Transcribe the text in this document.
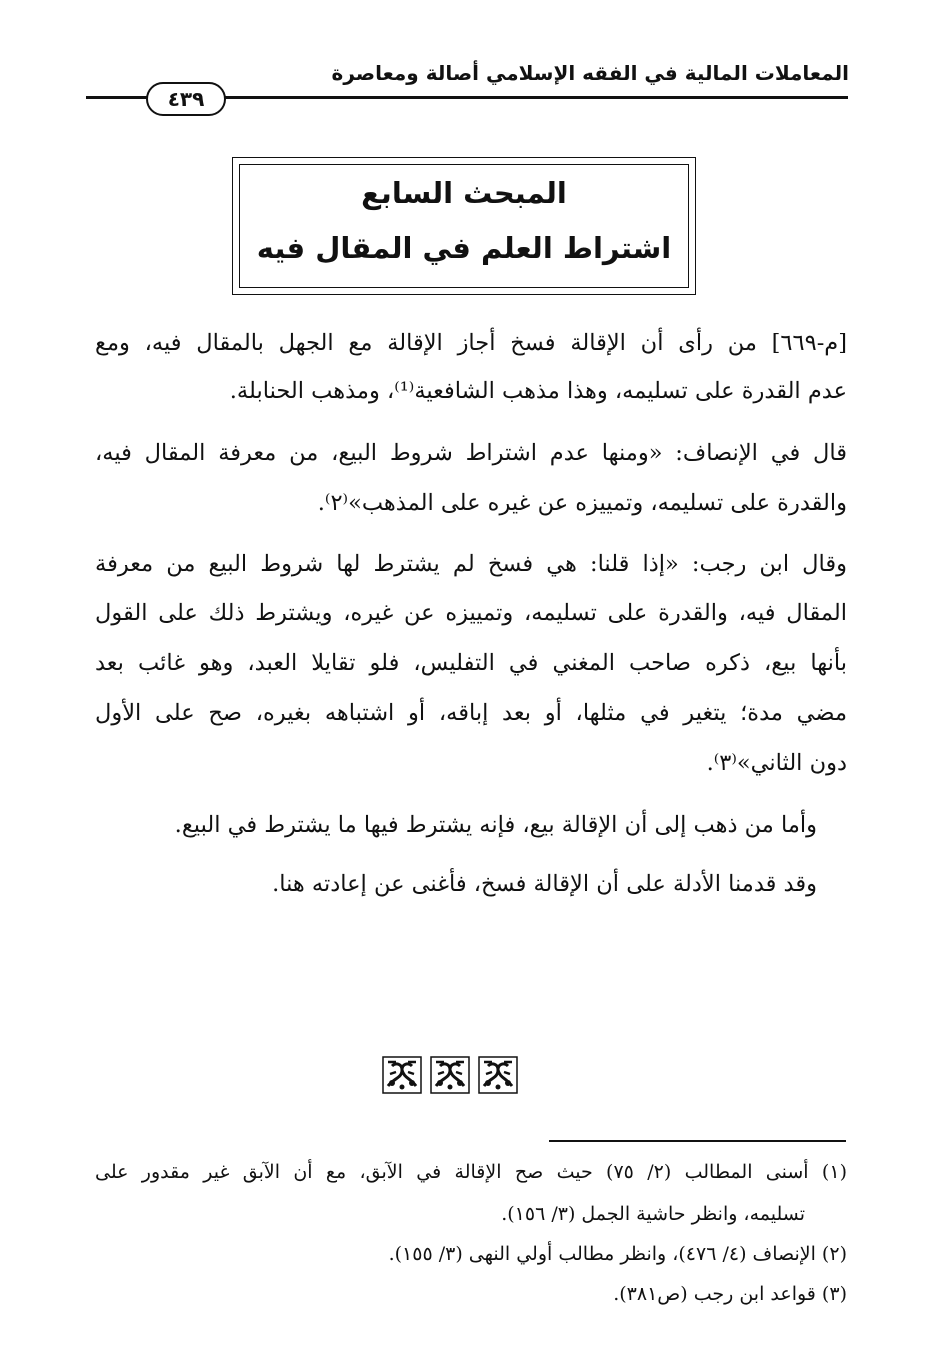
المعاملات المالية في الفقه الإسلامي أصالة ومعاصرة
٤٣٩
المبحث السابع
اشتراط العلم في المقال فيه
[م-٦٦٩] من رأى أن الإقالة فسخ أجاز الإقالة مع الجهل بالمقال فيه، ومع
عدم القدرة على تسليمه، وهذا مذهب الشافعية⁽¹⁾، ومذهب الحنابلة.
قال في الإنصاف: «ومنها عدم اشتراط شروط البيع، من معرفة المقال فيه،
والقدرة على تسليمه، وتمييزه عن غيره على المذهب»⁽٢⁾.
وقال ابن رجب: «إذا قلنا: هي فسخ لم يشترط لها شروط البيع من معرفة
المقال فيه، والقدرة على تسليمه، وتمييزه عن غيره، ويشترط ذلك على القول
بأنها بيع، ذكره صاحب المغني في التفليس، فلو تقايلا العبد، وهو غائب بعد
مضي مدة؛ يتغير في مثلها، أو بعد إباقه، أو اشتباهه بغيره، صح على الأول
دون الثاني»⁽٣⁾.
وأما من ذهب إلى أن الإقالة بيع، فإنه يشترط فيها ما يشترط في البيع.
وقد قدمنا الأدلة على أن الإقالة فسخ، فأغنى عن إعادته هنا.
(١) أسنى المطالب (٢/ ٧٥) حيث صح الإقالة في الآبق، مع أن الآبق غير مقدور على
تسليمه، وانظر حاشية الجمل (٣/ ١٥٦).
(٢) الإنصاف (٤/ ٤٧٦)، وانظر مطالب أولي النهى (٣/ ١٥٥).
(٣) قواعد ابن رجب (ص٣٨١).
